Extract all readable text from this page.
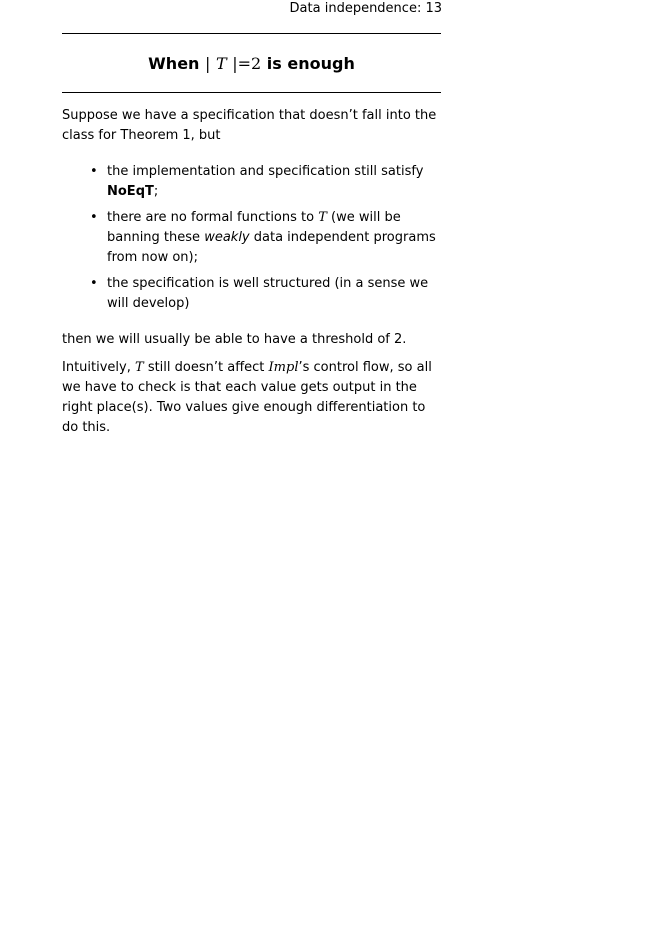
Data independence: 13
When | T |=2 is enough

Suppose we have a specification that doesn’t fall into the class for Theorem 1, but

• the implementation and specification still satisfy NoEqT;
• there are no formal functions to T (we will be banning these weakly data independent programs from now on);
• the specification is well structured (in a sense we will develop)

then we will usually be able to have a threshold of 2.

Intuitively, T still doesn’t affect Impl’s control flow, so all we have to check is that each value gets output in the right place(s). Two values give enough differentiation to do this.
